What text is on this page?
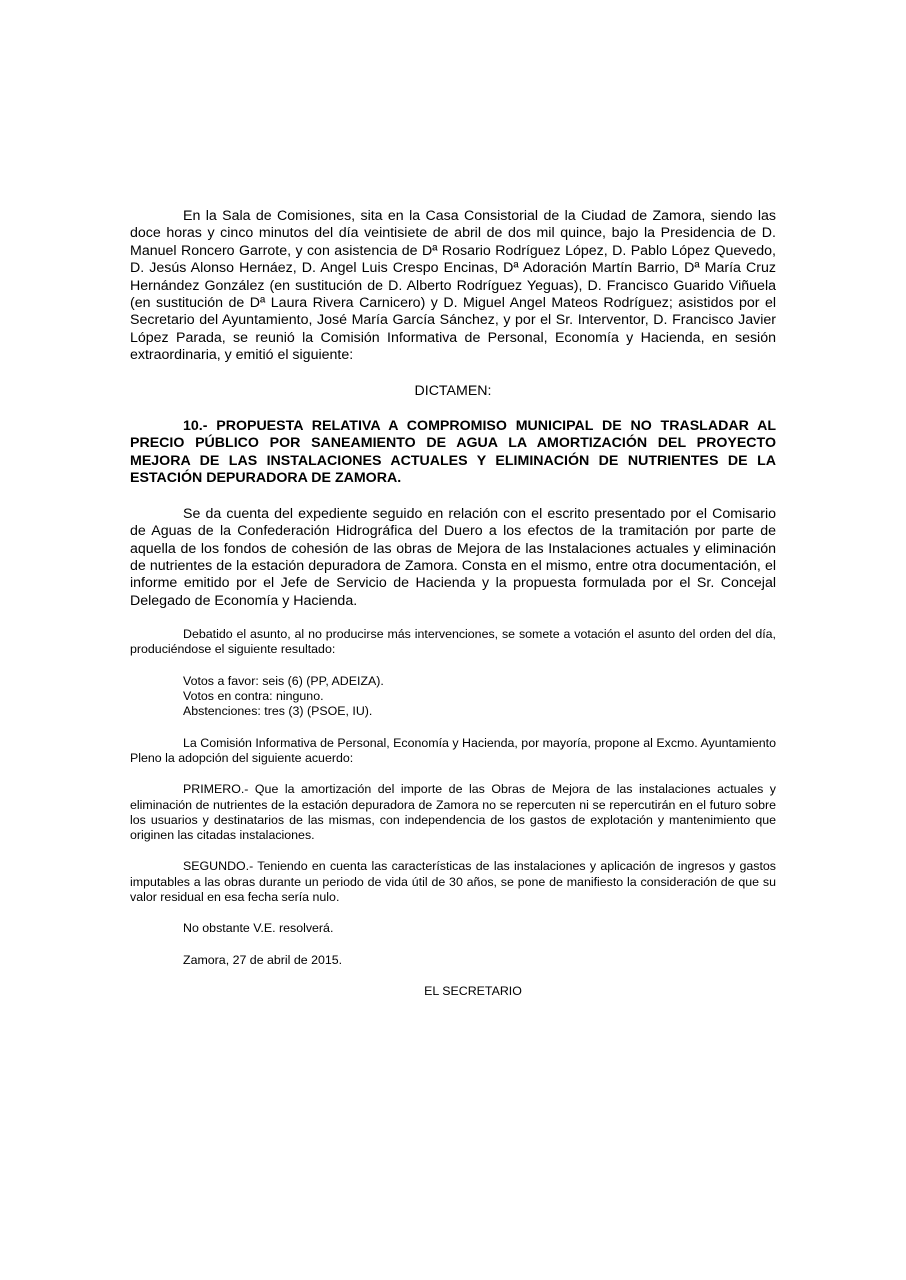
En la Sala de Comisiones, sita en la Casa Consistorial de la Ciudad de Zamora, siendo las doce horas y cinco minutos del día veintisiete de abril de dos mil quince, bajo la Presidencia de D. Manuel Roncero Garrote, y con asistencia de Dª Rosario Rodríguez López, D. Pablo López Quevedo, D. Jesús Alonso Hernáez, D. Angel Luis Crespo Encinas, Dª Adoración Martín Barrio, Dª María Cruz Hernández González (en sustitución de D. Alberto Rodríguez Yeguas), D. Francisco Guarido Viñuela (en sustitución de Dª Laura Rivera Carnicero) y D. Miguel Angel Mateos Rodríguez; asistidos por el Secretario del Ayuntamiento, José María García Sánchez, y por el Sr. Interventor, D. Francisco Javier López Parada, se reunió la Comisión Informativa de Personal, Economía y Hacienda, en sesión extraordinaria, y emitió el siguiente:

DICTAMEN:

10.- PROPUESTA RELATIVA A COMPROMISO MUNICIPAL DE NO TRASLADAR AL PRECIO PÚBLICO POR SANEAMIENTO DE AGUA LA AMORTIZACIÓN DEL PROYECTO MEJORA DE LAS INSTALACIONES ACTUALES Y ELIMINACIÓN DE NUTRIENTES DE LA ESTACIÓN DEPURADORA DE ZAMORA.

Se da cuenta del expediente seguido en relación con el escrito presentado por el Comisario de Aguas de la Confederación Hidrográfica del Duero a los efectos de la tramitación por parte de aquella de los fondos de cohesión de las obras de Mejora de las Instalaciones actuales y eliminación de nutrientes de la estación depuradora de Zamora. Consta en el mismo, entre otra documentación, el informe emitido por el Jefe de Servicio de Hacienda y la propuesta formulada por el Sr. Concejal Delegado de Economía y Hacienda.

Debatido el asunto, al no producirse más intervenciones, se somete a votación el asunto del orden del día, produciéndose el siguiente resultado:

Votos a favor: seis (6) (PP, ADEIZA).
Votos en contra: ninguno.
Abstenciones: tres (3) (PSOE, IU).

La Comisión Informativa de Personal, Economía y Hacienda, por mayoría, propone al Excmo. Ayuntamiento Pleno la adopción del siguiente acuerdo:

PRIMERO.- Que la amortización del importe de las Obras de Mejora de las instalaciones actuales y eliminación de nutrientes de la estación depuradora de Zamora no se repercuten ni se repercutirán en el futuro sobre los usuarios y destinatarios de las mismas, con independencia de los gastos de explotación y mantenimiento que originen las citadas instalaciones.

SEGUNDO.- Teniendo en cuenta las características de las instalaciones y aplicación de ingresos y gastos imputables a las obras durante un periodo de vida útil de 30 años, se pone de manifiesto la consideración de que su valor residual en esa fecha sería nulo.

No obstante V.E. resolverá.

Zamora, 27 de abril de 2015.

EL SECRETARIO
